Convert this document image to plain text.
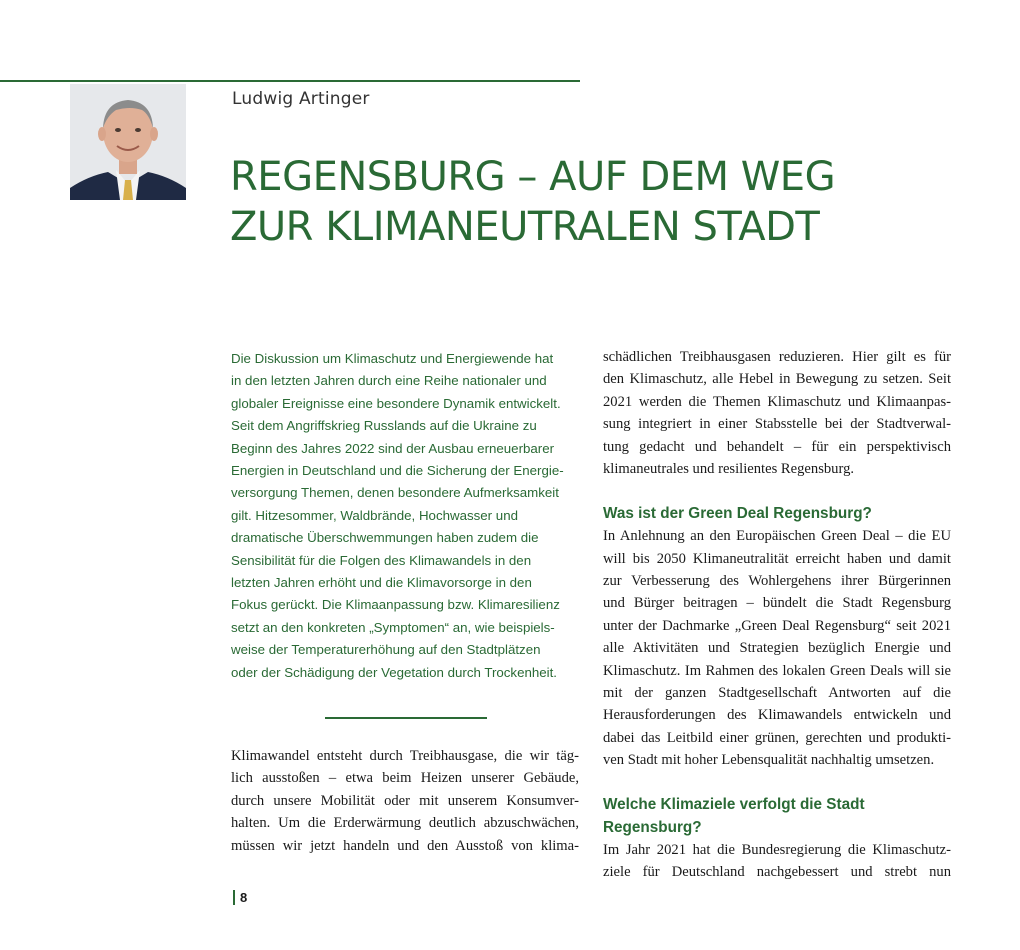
Ludwig Artinger
REGENSBURG – AUF DEM WEG
ZUR KLIMANEUTRALEN STADT
Die Diskussion um Klimaschutz und Energiewende hat
in den letzten Jahren durch eine Reihe nationaler und
globaler Ereignisse eine besondere Dynamik entwickelt.
Seit dem Angriffskrieg Russlands auf die Ukraine zu
Beginn des Jahres 2022 sind der Ausbau erneuerbarer
Energien in Deutschland und die Sicherung der Energie-
versorgung Themen, denen besondere Aufmerksamkeit
gilt. Hitzesommer, Waldbrände, Hochwasser und
dramatische Überschwemmungen haben zudem die
Sensibilität für die Folgen des Klimawandels in den
letzten Jahren erhöht und die Klimavorsorge in den
Fokus gerückt. Die Klimaanpassung bzw. Klimaresilienz
setzt an den konkreten „Symptomen“ an, wie beispiels-
weise der Temperaturerhöhung auf den Stadtplätzen
oder der Schädigung der Vegetation durch Trockenheit.
Klimawandel entsteht durch Treibhausgase, die wir täg-
lich ausstoßen – etwa beim Heizen unserer Gebäude,
durch unsere Mobilität oder mit unserem Konsumver-
halten. Um die Erderwärmung deutlich abzuschwächen,
müssen wir jetzt handeln und den Ausstoß von klima-
schädlichen Treibhausgasen reduzieren. Hier gilt es für
den Klimaschutz, alle Hebel in Bewegung zu setzen. Seit
2021 werden die Themen Klimaschutz und Klimaanpas-
sung integriert in einer Stabsstelle bei der Stadtverwal-
tung gedacht und behandelt – für ein perspektivisch
klimaneutrales und resilientes Regensburg.
Was ist der Green Deal Regensburg?
In Anlehnung an den Europäischen Green Deal – die EU
will bis 2050 Klimaneutralität erreicht haben und damit
zur Verbesserung des Wohlergehens ihrer Bürgerinnen
und Bürger beitragen – bündelt die Stadt Regensburg
unter der Dachmarke „Green Deal Regensburg“ seit 2021
alle Aktivitäten und Strategien bezüglich Energie und
Klimaschutz. Im Rahmen des lokalen Green Deals will sie
mit der ganzen Stadtgesellschaft Antworten auf die
Herausforderungen des Klimawandels entwickeln und
dabei das Leitbild einer grünen, gerechten und produkti-
ven Stadt mit hoher Lebensqualität nachhaltig umsetzen.
Welche Klimaziele verfolgt die Stadt Regensburg?
Im Jahr 2021 hat die Bundesregierung die Klimaschutz-
ziele für Deutschland nachgebessert und strebt nun
8
